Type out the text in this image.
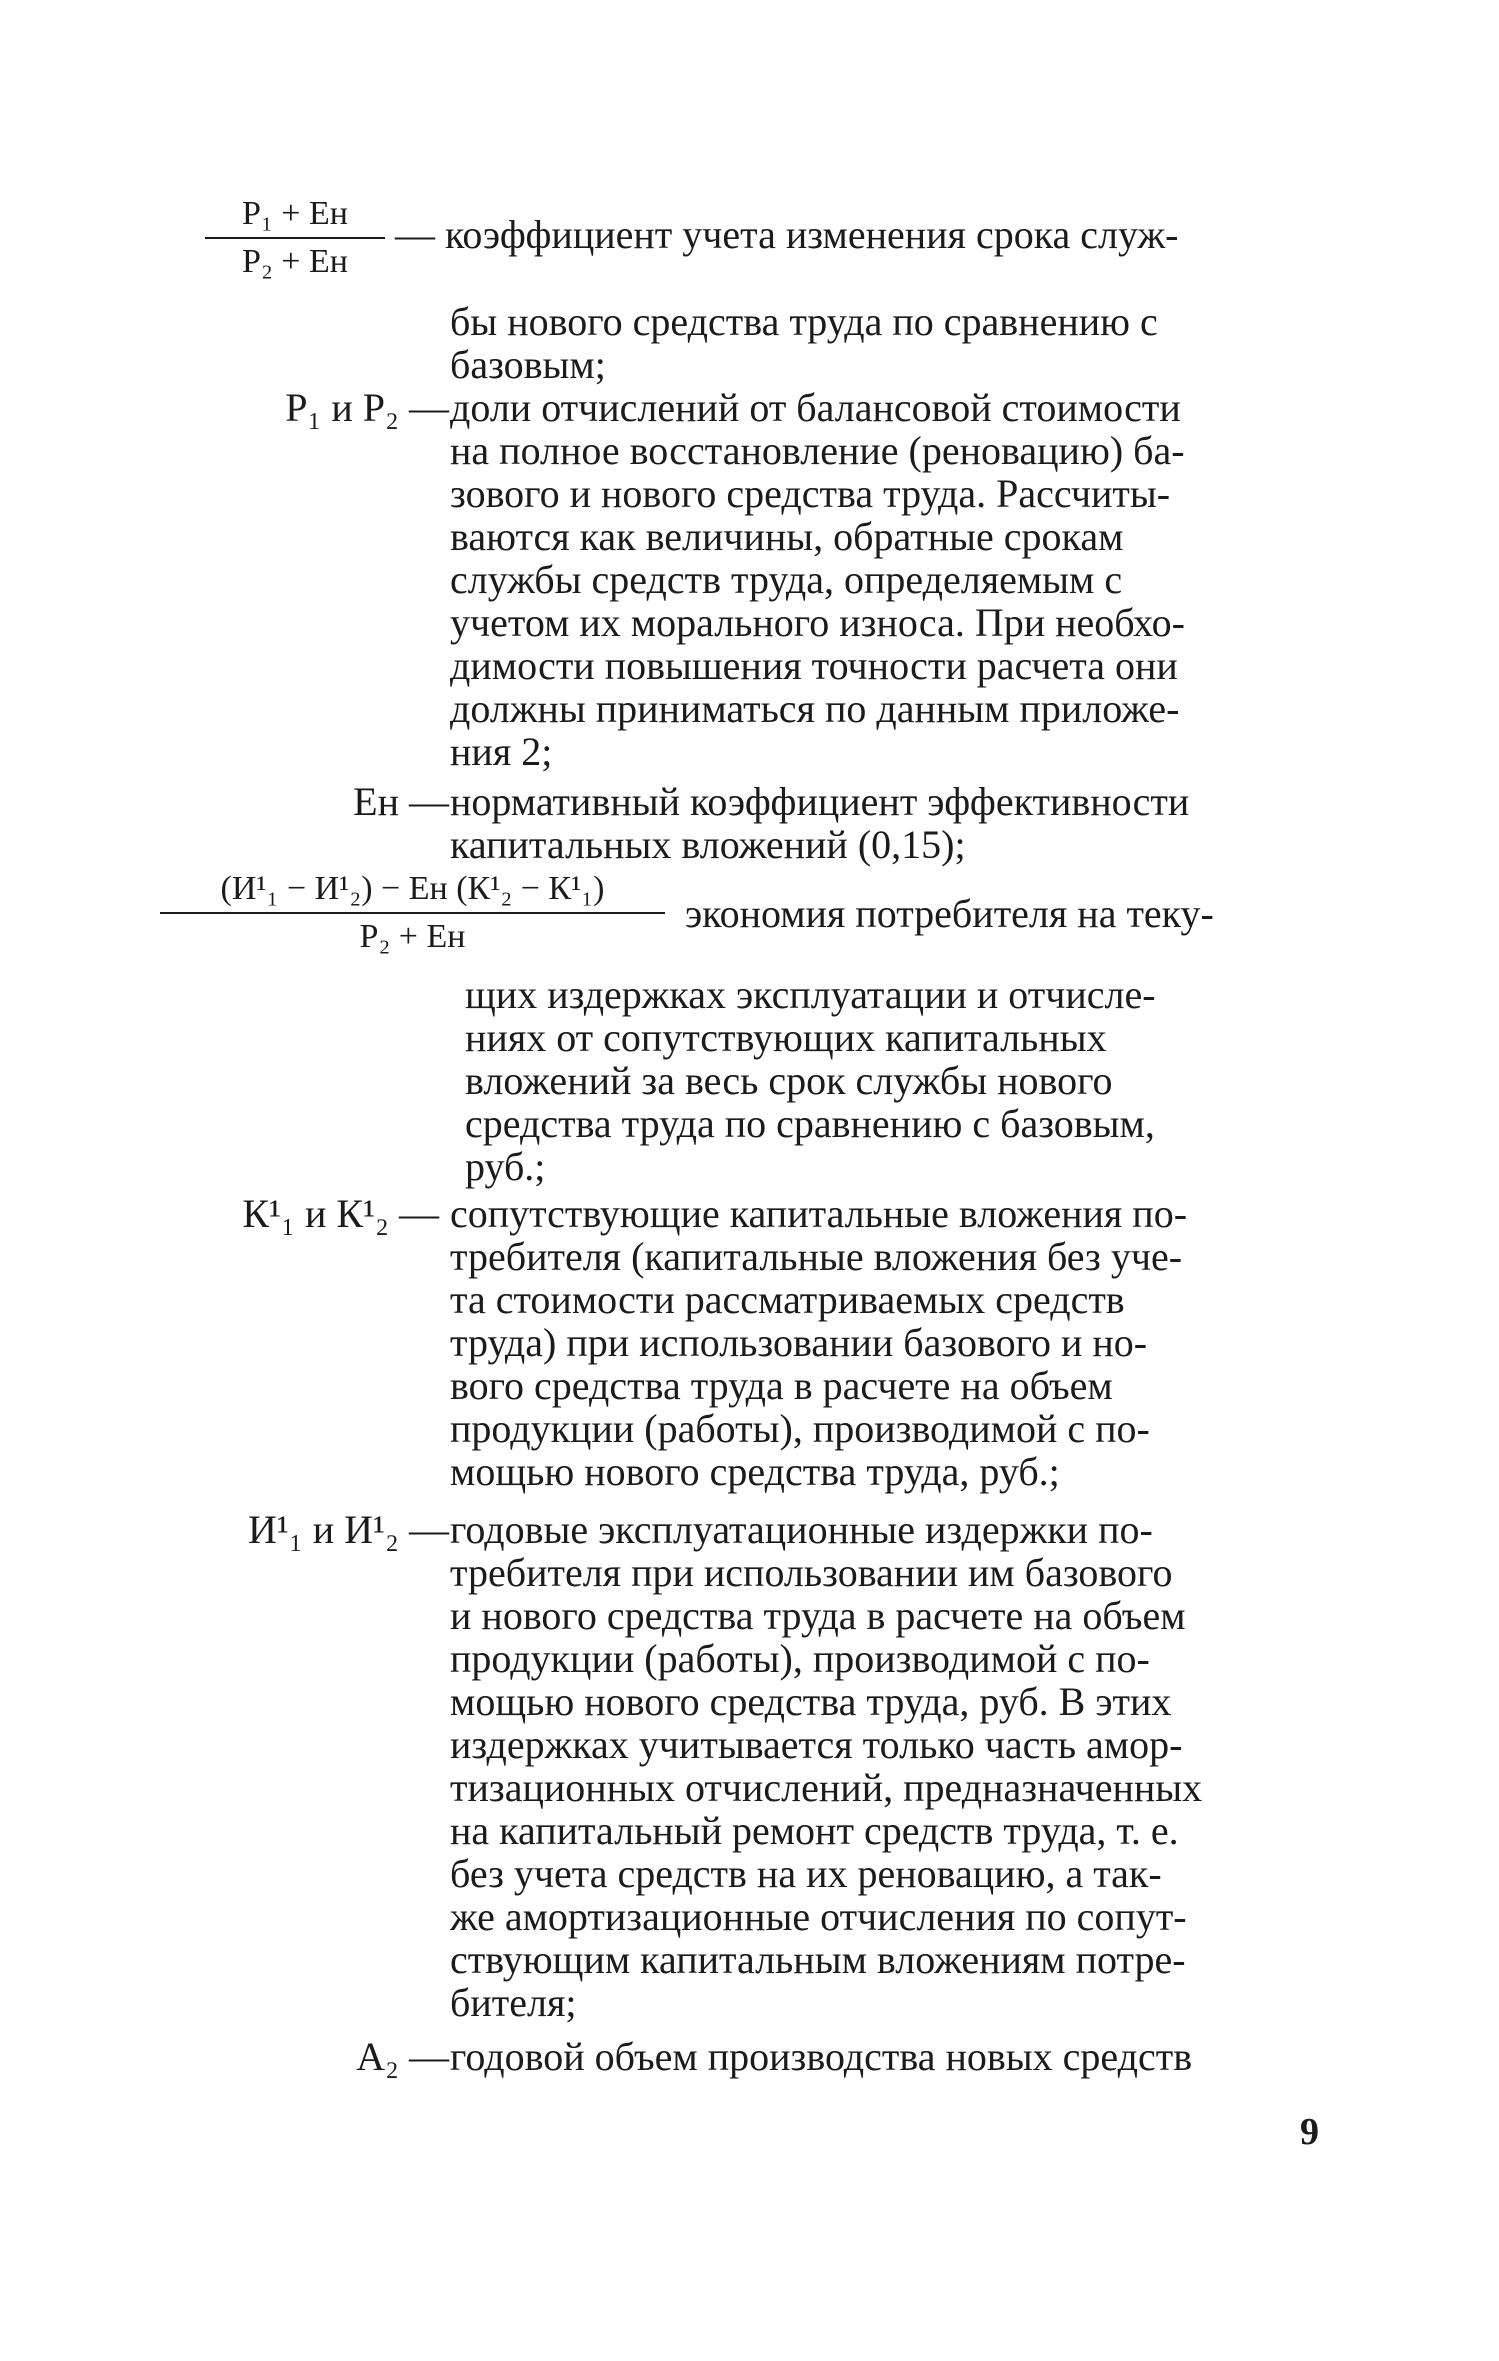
P₁ + Eн
P₂ + Eн

— коэффициент учета изменения срока служ-

бы нового средства труда по сравнению с

базовым;

P₁ и P₂ — доли отчислений от балансовой стоимости
на полное восстановление (реновацию) ба-
зового и нового средства труда. Рассчиты-
ваются как величины, обратные срокам
службы средств труда, определяемым с
учетом их морального износа. При необхо-
димости повышения точности расчета они
должны приниматься по данным приложе-
ния 2;

Eн — нормативный коэффициент эффективности
капитальных вложений (0,15);
(И¹₁ − И¹₂) − Eн (К¹₂ − К¹₁)
P₂ + Eн

экономия потребителя на теку-

щих издержках эксплуатации и отчисле-
ниях от сопутствующих капитальных
вложений за весь срок службы нового
средства труда по сравнению с базовым,
руб.;

К¹₁ и К¹₂ — сопутствующие капитальные вложения по-
требителя (капитальные вложения без уче-
та стоимости рассматриваемых средств
труда) при использовании базового и но-
вого средства труда в расчете на объем
продукции (работы), производимой с по-
мощью нового средства труда, руб.;

И¹₁ и И¹₂ — годовые эксплуатационные издержки по-
требителя при использовании им базового
и нового средства труда в расчете на объем
продукции (работы), производимой с по-
мощью нового средства труда, руб. В этих
издержках учитывается только часть амор-
тизационных отчислений, предназначенных
на капитальный ремонт средств труда, т. е.
без учета средств на их реновацию, а так-
же амортизационные отчисления по сопут-
ствующим капитальным вложениям потре-
бителя;

A₂ — годовой объем производства новых средств

9
